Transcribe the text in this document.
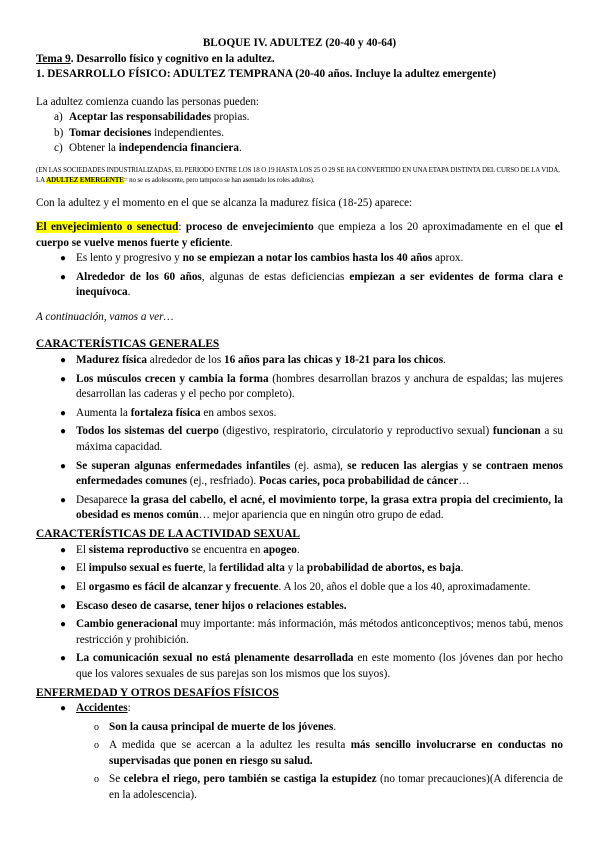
BLOQUE IV. ADULTEZ (20-40 y 40-64)

Tema 9. Desarrollo físico y cognitivo en la adultez.

1. DESARROLLO FÍSICO: ADULTEZ TEMPRANA (20-40 años. Incluye la adultez emergente)

La adultez comienza cuando las personas pueden:

a) Aceptar las responsabilidades propias.
b) Tomar decisiones independientes.
c) Obtener la independencia financiera.

(EN LAS SOCIEDADES INDUSTRIALIZADAS, EL PERIODO ENTRE LOS 18 O 19 HASTA LOS 25 O 29 SE HA CONVERTIDO EN UNA ETAPA DISTINTA DEL CURSO DE LA VIDA, LA ADULTEZ EMERGENTE= no se es adolescente, pero tampoco se han asentado los roles adultos).

Con la adultez y el momento en el que se alcanza la madurez física (18-25) aparece:

El envejecimiento o senectud: proceso de envejecimiento que empieza a los 20 aproximadamente en el que el cuerpo se vuelve menos fuerte y eficiente.

● Es lento y progresivo y no se empiezan a notar los cambios hasta los 40 años aprox.
● Alrededor de los 60 años, algunas de estas deficiencias empiezan a ser evidentes de forma clara e inequívoca.

A continuación, vamos a ver…

CARACTERÍSTICAS GENERALES

● Madurez física alrededor de los 16 años para las chicas y 18-21 para los chicos.
● Los músculos crecen y cambia la forma (hombres desarrollan brazos y anchura de espaldas; las mujeres desarrollan las caderas y el pecho por completo).
● Aumenta la fortaleza física en ambos sexos.
● Todos los sistemas del cuerpo (digestivo, respiratorio, circulatorio y reproductivo sexual) funcionan a su máxima capacidad.
● Se superan algunas enfermedades infantiles (ej. asma), se reducen las alergias y se contraen menos enfermedades comunes (ej., resfriado). Pocas caries, poca probabilidad de cáncer…
● Desaparece la grasa del cabello, el acné, el movimiento torpe, la grasa extra propia del crecimiento, la obesidad es menos común… mejor apariencia que en ningún otro grupo de edad.

CARACTERÍSTICAS DE LA ACTIVIDAD SEXUAL

● El sistema reproductivo se encuentra en apogeo.
● El impulso sexual es fuerte, la fertilidad alta y la probabilidad de abortos, es baja.
● El orgasmo es fácil de alcanzar y frecuente. A los 20, años el doble que a los 40, aproximadamente.
● Escaso deseo de casarse, tener hijos o relaciones estables.
● Cambio generacional muy importante: más información, más métodos anticonceptivos; menos tabú, menos restricción y prohibición.
● La comunicación sexual no está plenamente desarrollada en este momento (los jóvenes dan por hecho que los valores sexuales de sus parejas son los mismos que los suyos).

ENFERMEDAD Y OTROS DESAFÍOS FÍSICOS

● Accidentes:
o Son la causa principal de muerte de los jóvenes.
o A medida que se acercan a la adultez les resulta más sencillo involucrarse en conductas no supervisadas que ponen en riesgo su salud.
o Se celebra el riego, pero también se castiga la estupidez (no tomar precauciones)(A diferencia de en la adolescencia).
